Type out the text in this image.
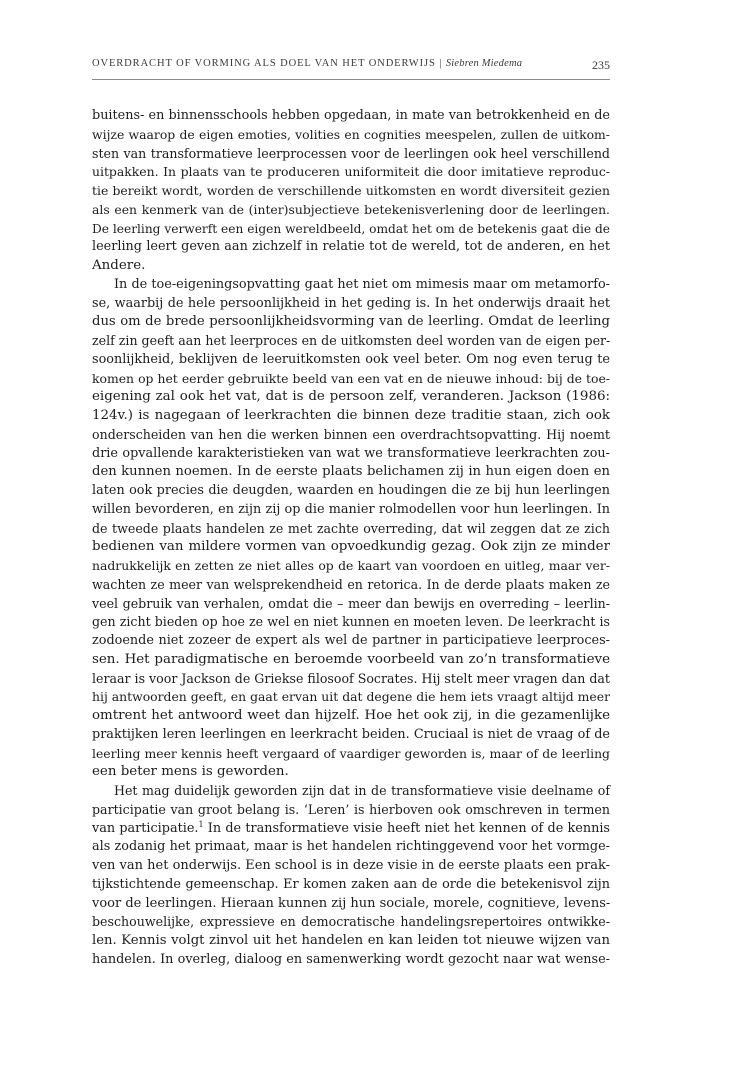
OVERDRACHT OF VORMING ALS DOEL VAN HET ONDERWIJS | Siebren Miedema	235

buitens- en binnensschools hebben opgedaan, in mate van betrokkenheid en de
wijze waarop de eigen emoties, volities en cognities meespelen, zullen de uitkom-
sten van transformatieve leerprocessen voor de leerlingen ook heel verschillend
uitpakken. In plaats van te produceren uniformiteit die door imitatieve reproduc-
tie bereikt wordt, worden de verschillende uitkomsten en wordt diversiteit gezien
als een kenmerk van de (inter)subjectieve betekenisverlening door de leerlingen.
De leerling verwerft een eigen wereldbeeld, omdat het om de betekenis gaat die de
leerling leert geven aan zichzelf in relatie tot de wereld, tot de anderen, en het
Andere.

In de toe-eigeningsopvatting gaat het niet om mimesis maar om metamorfo-
se, waarbij de hele persoonlijkheid in het geding is. In het onderwijs draait het
dus om de brede persoonlijkheidsvorming van de leerling. Omdat de leerling
zelf zin geeft aan het leerproces en de uitkomsten deel worden van de eigen per-
soonlijkheid, beklijven de leeruitkomsten ook veel beter. Om nog even terug te
komen op het eerder gebruikte beeld van een vat en de nieuwe inhoud: bij de toe-
eigening zal ook het vat, dat is de persoon zelf, veranderen. Jackson (1986:
124v.) is nagegaan of leerkrachten die binnen deze traditie staan, zich ook
onderscheiden van hen die werken binnen een overdrachtsopvatting. Hij noemt
drie opvallende karakteristieken van wat we transformatieve leerkrachten zou-
den kunnen noemen. In de eerste plaats belichamen zij in hun eigen doen en
laten ook precies die deugden, waarden en houdingen die ze bij hun leerlingen
willen bevorderen, en zijn zij op die manier rolmodellen voor hun leerlingen. In
de tweede plaats handelen ze met zachte overreding, dat wil zeggen dat ze zich
bedienen van mildere vormen van opvoedkundig gezag. Ook zijn ze minder
nadrukkelijk en zetten ze niet alles op de kaart van voordoen en uitleg, maar ver-
wachten ze meer van welsprekendheid en retorica. In de derde plaats maken ze
veel gebruik van verhalen, omdat die – meer dan bewijs en overreding – leerlin-
gen zicht bieden op hoe ze wel en niet kunnen en moeten leven. De leerkracht is
zodoende niet zozeer de expert als wel de partner in participatieve leerproces-
sen. Het paradigmatische en beroemde voorbeeld van zo’n transformatieve
leraar is voor Jackson de Griekse filosoof Socrates. Hij stelt meer vragen dan dat
hij antwoorden geeft, en gaat ervan uit dat degene die hem iets vraagt altijd meer
omtrent het antwoord weet dan hijzelf. Hoe het ook zij, in die gezamenlijke
praktijken leren leerlingen en leerkracht beiden. Cruciaal is niet de vraag of de
leerling meer kennis heeft vergaard of vaardiger geworden is, maar of de leerling
een beter mens is geworden.

Het mag duidelijk geworden zijn dat in de transformatieve visie deelname of
participatie van groot belang is. ‘Leren’ is hierboven ook omschreven in termen
van participatie.$^1$ In de transformatieve visie heeft niet het kennen of de kennis
als zodanig het primaat, maar is het handelen richtinggevend voor het vormge-
ven van het onderwijs. Een school is in deze visie in de eerste plaats een prak-
tijkstichtende gemeenschap. Er komen zaken aan de orde die betekenisvol zijn
voor de leerlingen. Hieraan kunnen zij hun sociale, morele, cognitieve, levens-
beschouwelijke, expressieve en democratische handelingsrepertoires ontwikke-
len. Kennis volgt zinvol uit het handelen en kan leiden tot nieuwe wijzen van
handelen. In overleg, dialoog en samenwerking wordt gezocht naar wat wense-
